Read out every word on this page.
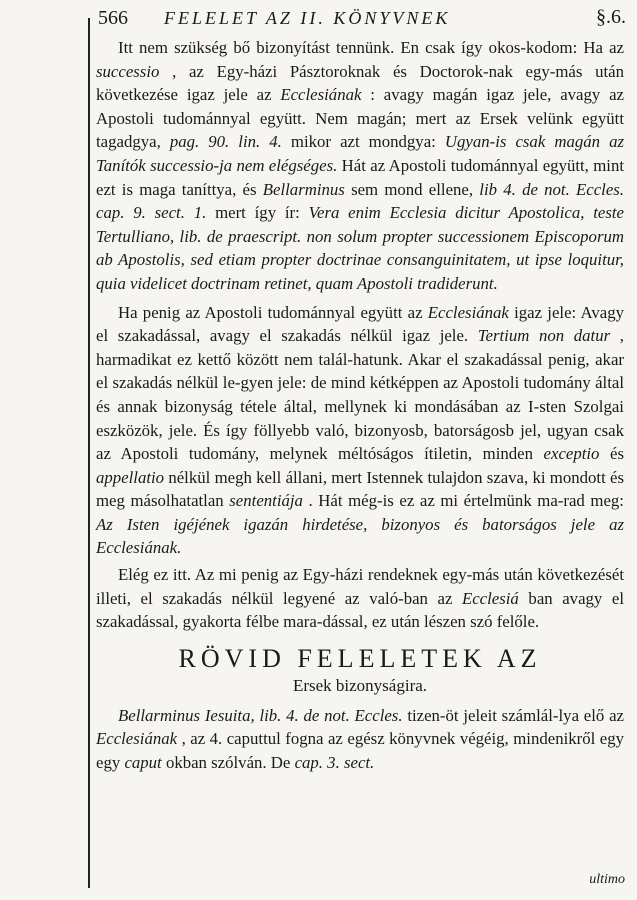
566	FELELET AZ II. KÖNYVNEK	§.6.

Itt nem szükség bő bizonyítást tennünk. En csak így okos-kodom: Ha az successio , az Egy-házi Pásztoroknak és Doctorok-nak egy-más után következése igaz jele az Ecclesiának : avagy magán igaz jele, avagy az Apostoli tudománnyal együtt. Nem magán; mert az Ersek velünk együtt tagadgya, pag. 90. lin. 4. mikor azt mondgya: Ugyan-is csak magán az Tanítók successio-ja nem elégséges. Hát az Apostoli tudománnyal együtt, mint ezt is maga taníttya, és Bellarminus sem mond ellene, lib 4. de not. Eccles. cap. 9. sect. 1. mert így ír: Vera enim Ecclesia dicitur Apostolica, teste Tertulliano, lib. de praescript. non solum propter successionem Episcoporum ab Apostolis, sed etiam propter doctrinae consanguinitatem, ut ipse loquitur, quia videlicet doctrinam retinet, quam Apostoli tradiderunt.

Ha penig az Apostoli tudománnyal együtt az Ecclesiának igaz jele: Avagy el szakadással, avagy el szakadás nélkül igaz jele. Tertium non datur , harmadikat ez kettő között nem talál-hatunk. Akar el szakadással penig, akar el szakadás nélkül le-gyen jele: de mind kétképpen az Apostoli tudomány által és annak bizonyság tétele által, mellynek ki mondásában az I-sten Szolgai eszközök, jele. És így föllyebb való, bizonyosb, batorságosb jel, ugyan csak az Apostoli tudomány, melynek méltóságos ítiletin, minden exceptio és appellatio nélkül megh kell állani, mert Istennek tulajdon szava, ki mondott és meg másolhatatlan sententiája . Hát még-is ez az mi értelmünk ma-rad meg: Az Isten igéjének igazán hirdetése, bizonyos és batorságos jele az Ecclesiának.

Elég ez itt. Az mi penig az Egy-házi rendeknek egy-más után következését illeti, el szakadás nélkül legyené az való-ban az Ecclesiá ban avagy el szakadással, gyakorta félbe mara-dással, ez után lészen szó felőle.

RÖVID FELELETEK AZ
Ersek bizonyságira.

Bellarminus Iesuita, lib. 4. de not. Eccles. tizen-öt jeleit számlál-lya elő az Ecclesiának , az 4. caputtul fogna az egész könyvnek végéig, mindenikről egy egy caput okban szólván. De cap. 3. sect.

ultimo
